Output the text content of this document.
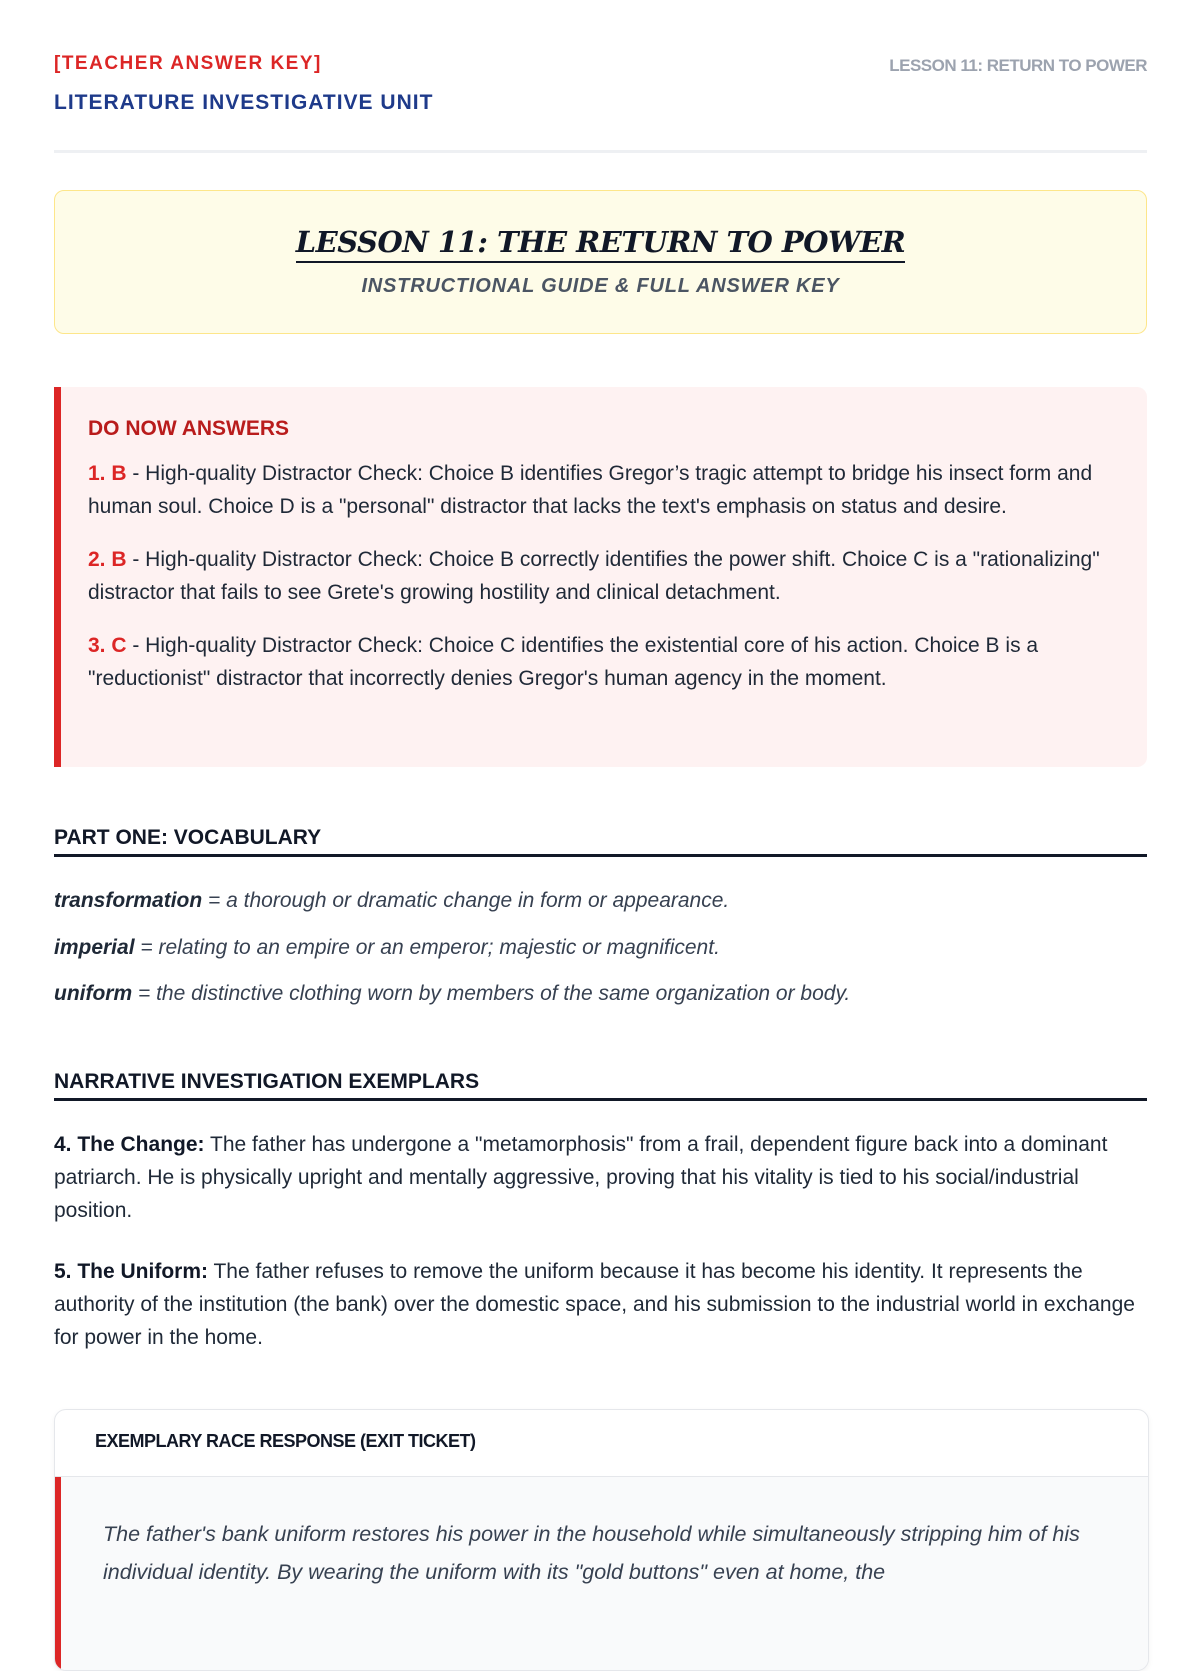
[TEACHER ANSWER KEY]
LITERATURE INVESTIGATIVE UNIT
LESSON 11: RETURN TO POWER
LESSON 11: THE RETURN TO POWER
INSTRUCTIONAL GUIDE & FULL ANSWER KEY
DO NOW ANSWERS
1. B - High-quality Distractor Check: Choice B identifies Gregor’s tragic attempt to bridge his insect form and human soul. Choice D is a "personal" distractor that lacks the text's emphasis on status and desire.
2. B - High-quality Distractor Check: Choice B correctly identifies the power shift. Choice C is a "rationalizing" distractor that fails to see Grete's growing hostility and clinical detachment.
3. C - High-quality Distractor Check: Choice C identifies the existential core of his action. Choice B is a "reductionist" distractor that incorrectly denies Gregor's human agency in the moment.
PART ONE: VOCABULARY
transformation = a thorough or dramatic change in form or appearance.
imperial = relating to an empire or an emperor; majestic or magnificent.
uniform = the distinctive clothing worn by members of the same organization or body.
NARRATIVE INVESTIGATION EXEMPLARS
4. The Change: The father has undergone a "metamorphosis" from a frail, dependent figure back into a dominant patriarch. He is physically upright and mentally aggressive, proving that his vitality is tied to his social/industrial position.
5. The Uniform: The father refuses to remove the uniform because it has become his identity. It represents the authority of the institution (the bank) over the domestic space, and his submission to the industrial world in exchange for power in the home.
EXEMPLARY RACE RESPONSE (EXIT TICKET)
The father's bank uniform restores his power in the household while simultaneously stripping him of his individual identity. By wearing the uniform with its "gold buttons" even at home, the
